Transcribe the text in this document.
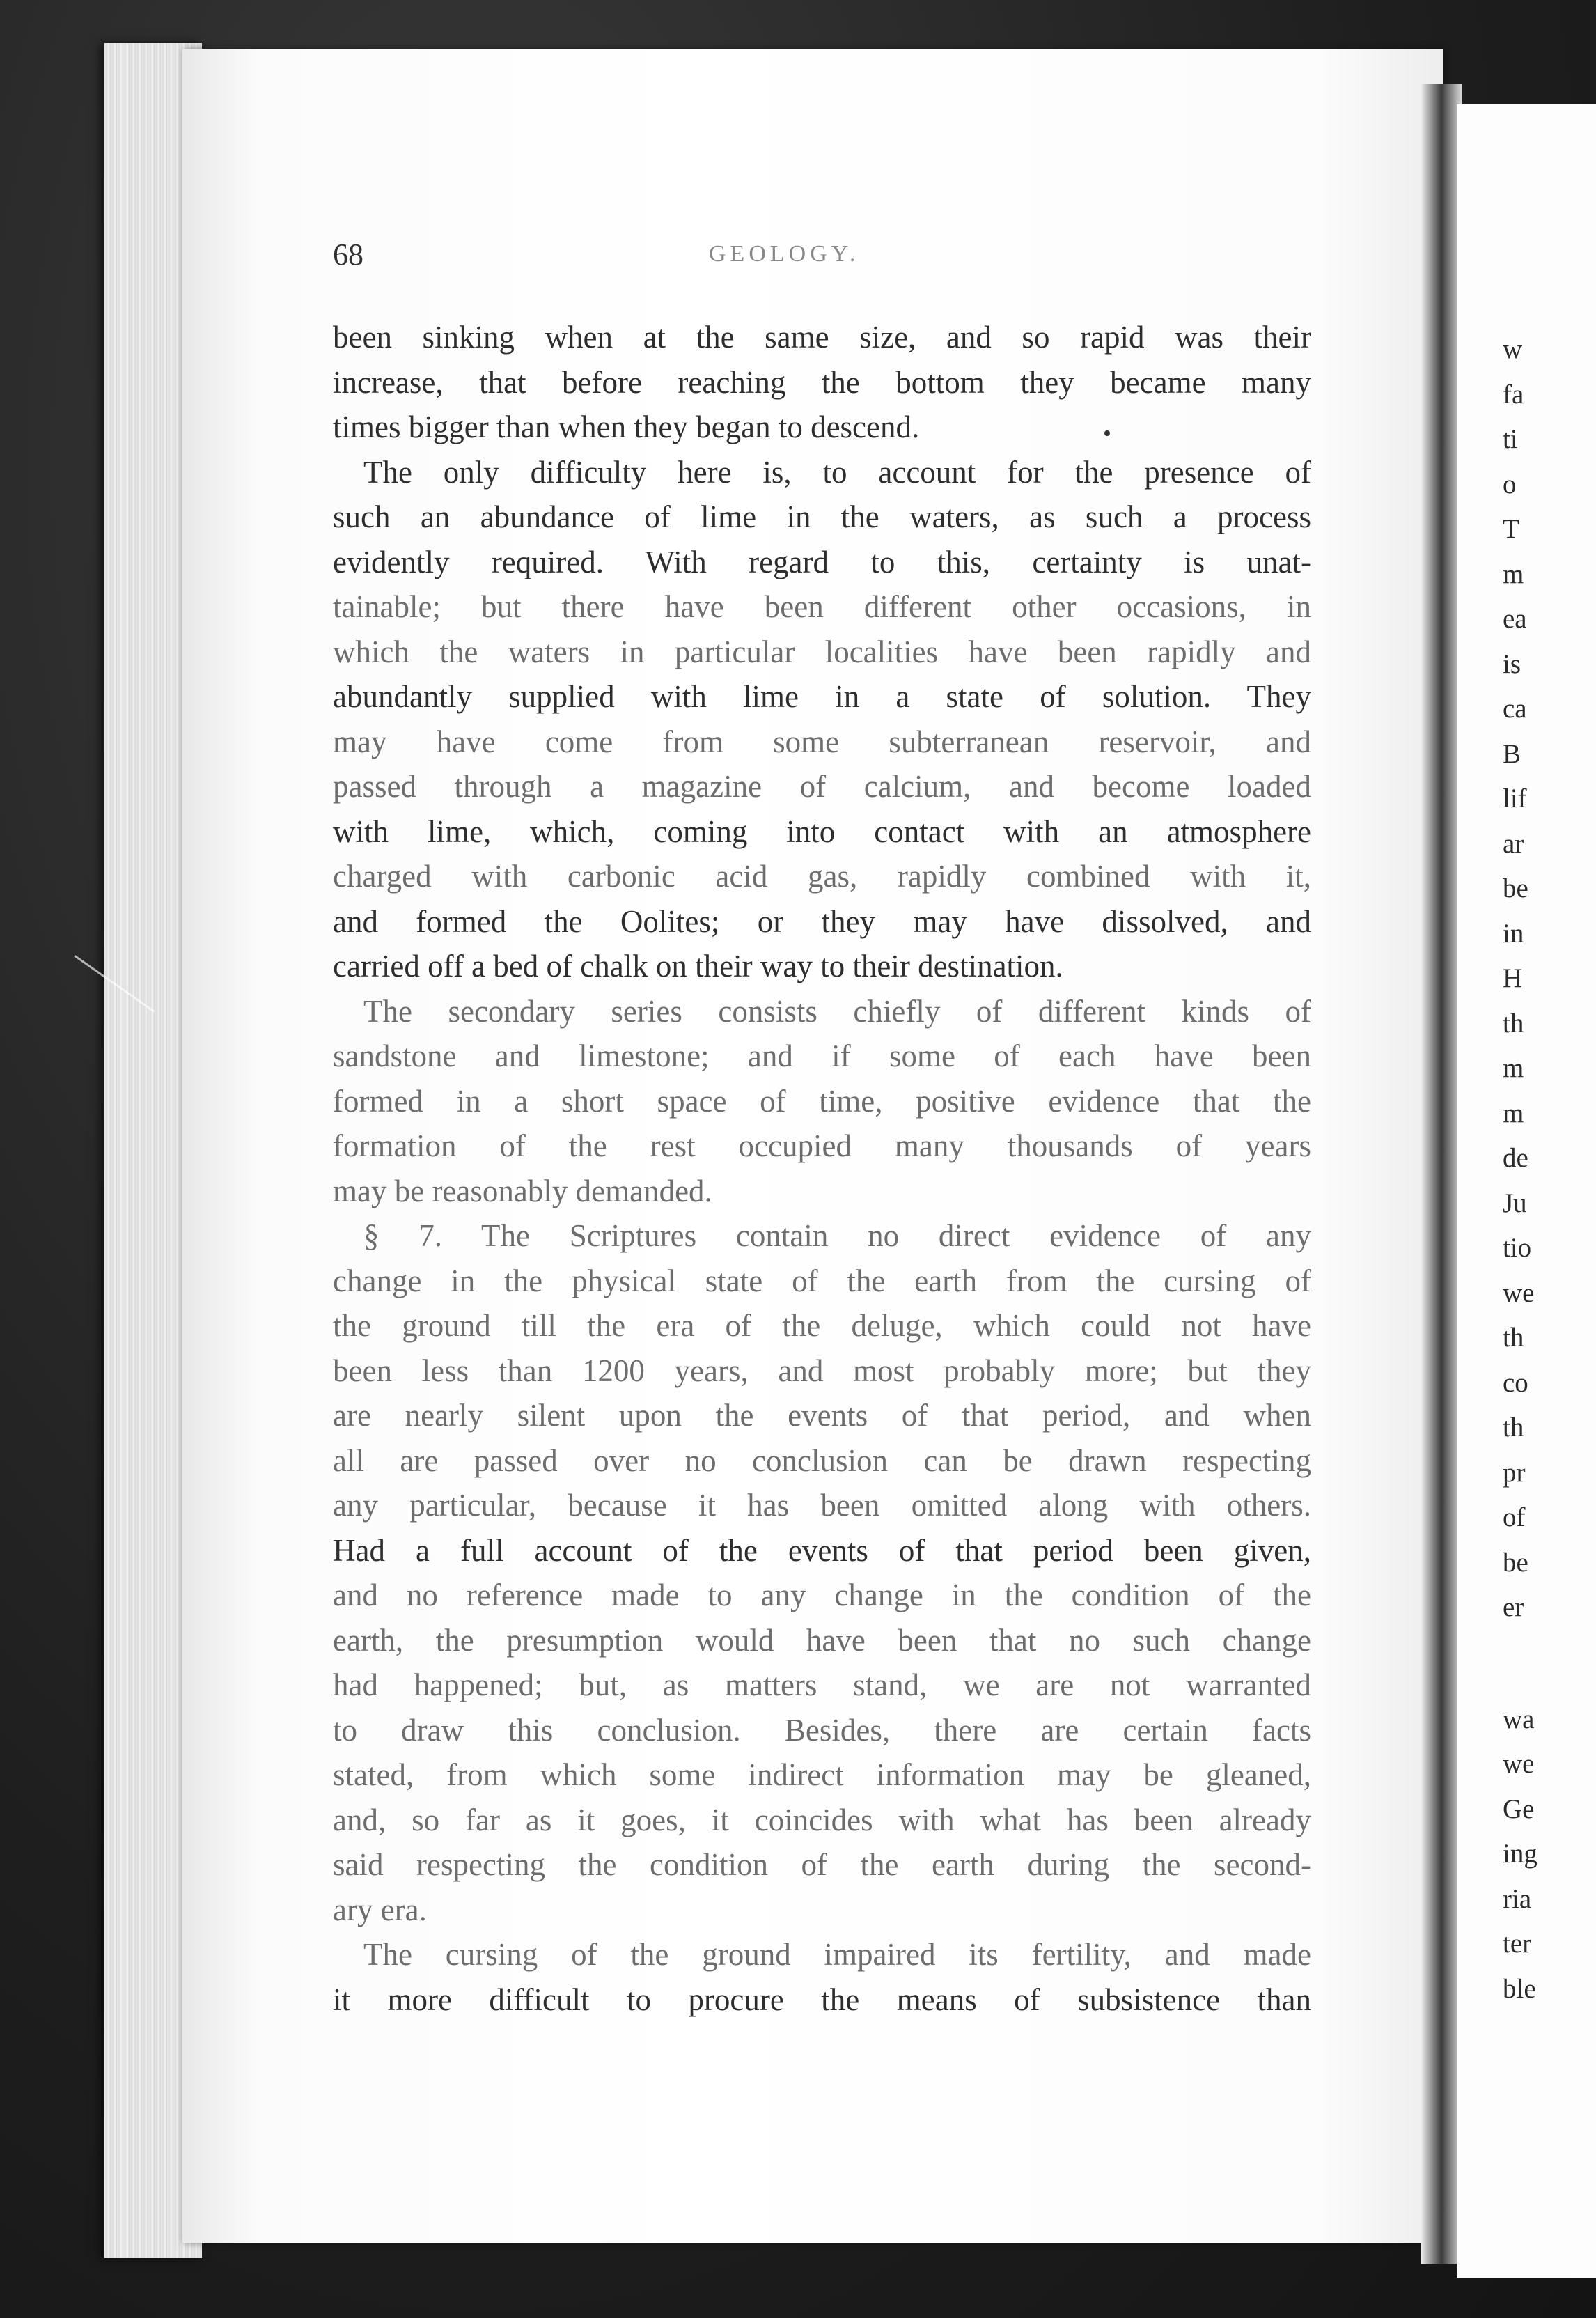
68	GEOLOGY.
been sinking when at the same size, and so rapid was their
increase, that before reaching the bottom they became many
times bigger than when they began to descend.
The only difficulty here is, to account for the presence of
such an abundance of lime in the waters, as such a process
evidently required. With regard to this, certainty is unat-
tainable; but there have been different other occasions, in
which the waters in particular localities have been rapidly and
abundantly supplied with lime in a state of solution. They
may have come from some subterranean reservoir, and
passed through a magazine of calcium, and become loaded
with lime, which, coming into contact with an atmosphere
charged with carbonic acid gas, rapidly combined with it,
and formed the Oolites; or they may have dissolved, and
carried off a bed of chalk on their way to their destination.
The secondary series consists chiefly of different kinds of
sandstone and limestone; and if some of each have been
formed in a short space of time, positive evidence that the
formation of the rest occupied many thousands of years
may be reasonably demanded.
§ 7. The Scriptures contain no direct evidence of any
change in the physical state of the earth from the cursing of
the ground till the era of the deluge, which could not have
been less than 1200 years, and most probably more; but they
are nearly silent upon the events of that period, and when
all are passed over no conclusion can be drawn respecting
any particular, because it has been omitted along with others.
Had a full account of the events of that period been given,
and no reference made to any change in the condition of the
earth, the presumption would have been that no such change
had happened; but, as matters stand, we are not warranted
to draw this conclusion. Besides, there are certain facts
stated, from which some indirect information may be gleaned,
and, so far as it goes, it coincides with what has been already
said respecting the condition of the earth during the second-
ary era.
The cursing of the ground impaired its fertility, and made
it more difficult to procure the means of subsistence than
w
fa
ti
o
T
m
ea
is
ca
B
lif
ar
be
in
H
th
m
m
de
Ju
tio
we
th
co
th
pr
of
be
er
wa
we
Ge
ing
ria
ter
ble
